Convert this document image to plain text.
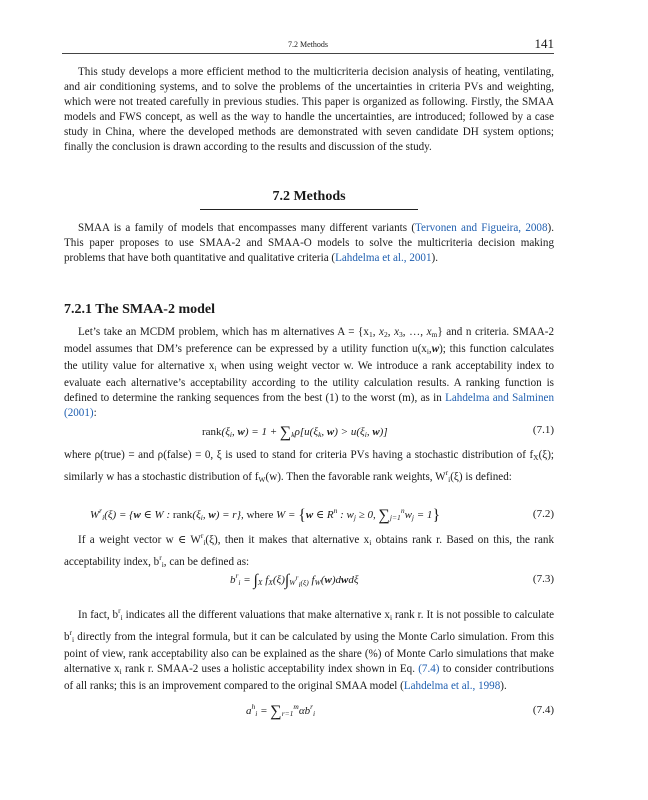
7.2 Methods	141

This study develops a more efficient method to the multicriteria decision analysis of heating, ventilating, and air conditioning systems, and to solve the problems of the uncertainties in criteria PVs and weighting, which were not treated carefully in previous studies. This paper is organized as following. Firstly, the SMAA models and FWS concept, as well as the way to handle the uncertainties, are introduced; followed by a case study in China, where the developed methods are demonstrated with seven candidate DH system options; finally the conclusion is drawn according to the results and discussion of the study.

7.2 Methods

SMAA is a family of models that encompasses many different variants (Tervonen and Figueira, 2008). This paper proposes to use SMAA-2 and SMAA-O models to solve the multicriteria decision making problems that have both quantitative and qualitative criteria (Lahdelma et al., 2001).

7.2.1 The SMAA-2 model

Let’s take an MCDM problem, which has m alternatives $A = \{x_1$, $x_2$, $x_3$, …, $x_m$} and n criteria. SMAA-2 model assumes that DM’s preference can be expressed by a utility function $u(x_i,w)$; this function calculates the utility value for alternative $x_i$ when using weight vector w. We introduce a rank acceptability index to evaluate each alternative’s acceptability according to the utility calculation results. A ranking function is defined to determine the ranking sequences from the best (1) to the worst (m), as in Lahdelma and Salminen (2001):

$rank(\xi_i$, $w) = 1 + \sum_k\rho[u(\xi_k$, $w) > u(\xi_i$, w)]	(7.1)

where ρ(true) = and ρ(false) = 0, ξ is used to stand for criteria PVs having a stochastic distribution of $f_X(\xi)$; similarly w has a stochastic distribution of $f_W(w)$. Then the favorable rank weights, $W^r_i(\xi)$ is defined:

$W^r_i(\xi) = \{w$ ∈ W : $rank(\xi_i$, w) = r}, where W = {w ∈ $R^n$ : $w_j \ge 0$, $\sum_{j=1}^nw_j = 1$}	(7.2)

If a weight vector w ∈ $W^r_i(\xi)$, then it makes that alternative $x_i$ obtains rank r. Based on this, the rank acceptability index, $b^r_i$, can be defined as:

$b^r_i = \int_X$ $f_X(\xi)\int_{Wri(\xi)}$ $f_W(w)dwd\xi$	(7.3)

In fact, $b^r_i$ indicates all the different valuations that make alternative $x_i$ rank r. It is not possible to calculate $b^r_i$ directly from the integral formula, but it can be calculated by using the Monte Carlo simulation. From this point of view, rank acceptability also can be explained as the share (%) of Monte Carlo simulations that make alternative $x_i$ rank r. SMAA-2 uses a holistic acceptability index shown in Eq. (7.4) to consider contributions of all ranks; this is an improvement compared to the original SMAA model (Lahdelma et al., 1998).

$a^h_i = \sum_{r=1}^m\alpha b^r_i$	(7.4)
